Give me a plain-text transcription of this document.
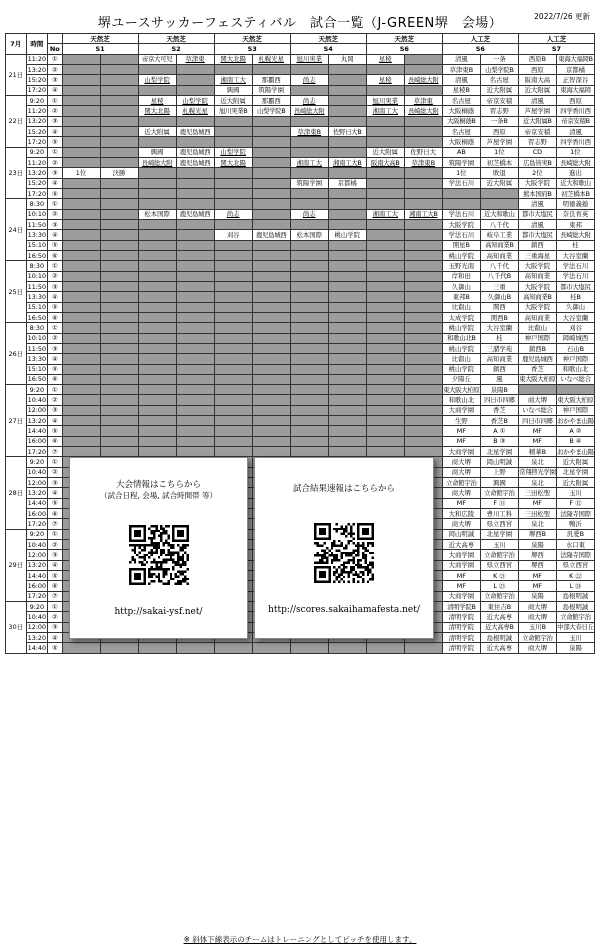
堺ユースサッカーフェスティバル　試合一覧（J-GREEN堺　会場）	2022/7/26 更新
7月	時間		天然芝		天然芝		天然芝		天然芝		天然芝		人工芝		人工芝	
		No	S1		S2		S3		S4		S6		S6		S7	
21日	11:20	①			帝京大可児	草津東	関大北陽	札幌光星	旭川実業	丸岡	星稜		清風	一条	西原B	東海大福岡B
	13:20	②											草津東B	山梨学院B	西原	京都橘
	15:20	③			山梨学院		湘南工大	那覇西	尚志		星稜	長崎総大附	清風	名古屋	阪南大高	正智深谷
	17:20	④					興國	筑陽学園					星稜B	近大附属	近大附属	東海大福岡
22日	9:20	①			星稜	山梨学院	近大附属	那覇西	尚志		旭川実業	草津東	名古屋	帝京安積	清風	西原
	11:20	②			関大北陽	札幌光星	旭川実業B	山梨学院B	長崎総大附		湘南工大	長崎総大附	大阪桐蔭	習志野	芦屋学園	四学香川西
	13:20	③											大阪桐蔭B	一条B	近大附属B	帝京安積B
	15:20	④			近大附属	鹿児島城西			草津東B	佐野日大B			名古屋	西原	帝京安積	清風
	17:20	⑤											大阪桐蔭	芦屋学園	習志野	四学香川西
23日	9:20	①			興國	鹿児島城西	山梨学院				近大附属	佐野日大	AB	1位	CD	1位
	11:20	②			長崎総大附	鹿児島城西	関大北陽		湘南工大	湘南工大B	阪南大高B	草津東B	筑陽学園	初芝橋本	広島皆実B	長崎総大附
	13:20	③	1位	決勝									1位	敗退	2位	進出
	15:20	④							筑陽学園	京都橘			学法石川	近大附属	大阪学院	近大和歌山
	17:20	⑤													熊本国府B	初芝橋本B
24日	8:30	①													清風	明徳義塾
	10:10	②			松本国際	鹿児島城西	尚志		尚志		湘南工大	湘南工大B	学法石川	近大和歌山	都市大塩尻	奈良育英
	11:50	③											大阪学院	八千代	清風	東邦
	13:30	④					刈谷	鹿児島城西	松本国際	桃山学院			学法石川	岐阜工業	都市大塩尻	長崎総大附
	15:10	⑤											開星B	高知商業B	鎮西	桂
	16:50	⑥											桃山学院	高知商業	三重海星	大谷室蘭
25日	8:30	①											玉野光南	八千代	大阪学院	学法石川
	10:10	②											岸和田	八千代B	高知商業	学法石川
	11:50	③											久御山	三重	大阪学院	都市大塩尻
	13:30	④											東邦B	久御山B	高知商業B	桂B
	15:10	⑤											比叡山	関西	大阪学院	久御山
	16:50	⑥											太成学院	関西B	高知商業	大谷室蘭
26日	8:30	①											桃山学院	大谷室蘭	比叡山	刈谷
	10:10	②											和歌山北B	桂	神戸国際	岡崎城西
	11:50	③											桃山学院	三潴学苑	鎮西B	石山B
	13:30	④											比叡山	高知商業	鹿児島城西	神戸国際
	15:10	⑤											桃山学院	鎮西	香芝	和歌山北
	16:50	⑥											夕陽丘	風	東大阪大柏原	いなべ総合
27日	9:20	①											東大阪大柏原	泉陽B		
	10:40	②											和歌山北	四日市四郷	商大堺	東大阪大柏原
	12:00	③											大商学園	香芝	いなべ総合	神戸国際
	13:20	④											生野	香芝B	四日市四郷	おかやま山陽
	14:40	⑤											MF	A ①	MF	A ②
	16:00	⑥											MF	B ③	MF	B ④
	17:20	⑦											大商学園	北星学園	精華B	おかやま山陽
28日	9:20	①											商大堺	岡山明誠	泉北	近大附属
	10:40	②											商大堺	上野	常翔啓光学園	北星学園
	12:00	③											立命館宇治	興國	泉北	近大附属
	13:20	④											商大堺	立命館宇治	三田松聖	玉川
	14:40	⑤											MF	F ⑪	MF	F ⑫
	16:00	⑥											大和広陵	豊川工科	三田松聖	法隆寺国際
	17:20	⑦											商大堺	県立西宮	泉北	鴨沂
29日	9:20	①											岡山明誠	北星学園	堺西B	汎愛B
	10:40	②											近大高専	玉川	泉陽	水口東
	12:00	③											大商学園	立命館宇治	堺西	法隆寺国際
	13:20	④											大商学園	県立西宮	堺西	県立西宮
	14:40	⑤											MF	K ㉑	MF	K ㉒
	16:00	⑥											MF	L ㉓	MF	L ㉔
	17:20	⑦											大商学園	立命館宇治	泉陽	島根明誠
30日	9:20	①											清明学院B	東住吉B	商大堺	島根明誠
	10:40	②											清明学院	近大高専	商大堺	立命館宇治
	12:00	③											清明学院	近大高専B	玉川B	中部大春日丘
	13:20	④											清明学院	島根明誠	立命館宇治	玉川
	14:40	⑤											清明学院	近大高専	商大堺	泉陽
大会情報はこちらから
（試合日程, 会場, 試合時間帯 等）
http://sakai-ysf.net/
試合結果速報はこちらから
http://scores.sakaihamafesta.net/
※ 斜体下線表示のチームはトレーニングとしてピッチを使用します。
